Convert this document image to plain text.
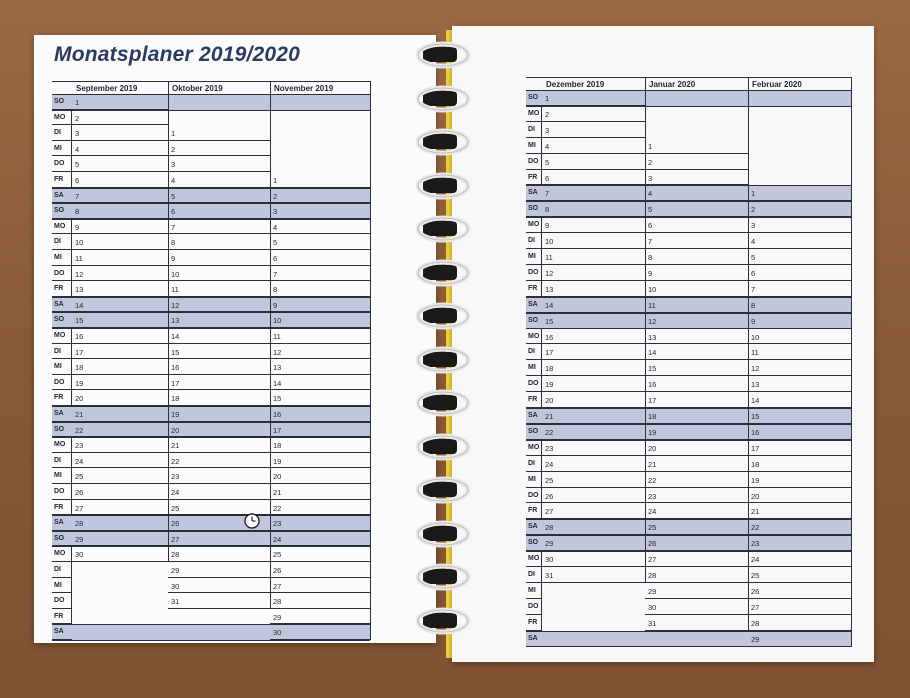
Monatsplaner 2019/2020
SO
MO
DI
MI
DO
FR
SA
SO
MO
DI
MI
DO
FR
SA
SO
MO
DI
MI
DO
FR
SA
SO
MO
DI
MI
DO
FR
SA
SO
MO
DI
MI
DO
FR
SA
September 2019
1
2
3
4
5
6
7
8
9
10
11
12
13
14
15
16
17
18
19
20
21
22
23
24
25
26
27
28
29
30
Oktober 2019
1
2
3
4
5
6
7
8
9
10
11
12
13
14
15
16
17
18
19
20
21
22
23
24
25
26
27
28
29
30
31
November 2019
1
2
3
4
5
6
7
8
9
10
11
12
13
14
15
16
17
18
19
20
21
22
23
24
25
26
27
28
29
30
SO
MO
DI
MI
DO
FR
SA
SO
MO
DI
MI
DO
FR
SA
SO
MO
DI
MI
DO
FR
SA
SO
MO
DI
MI
DO
FR
SA
SO
MO
DI
MI
DO
FR
SA
Dezember 2019
1
2
3
4
5
6
7
8
9
10
11
12
13
14
15
16
17
18
19
20
21
22
23
24
25
26
27
28
29
30
31
Januar 2020
1
2
3
4
5
6
7
8
9
10
11
12
13
14
15
16
17
18
19
20
21
22
23
24
25
26
27
28
29
30
31
Februar 2020
1
2
3
4
5
6
7
8
9
10
11
12
13
14
15
16
17
18
19
20
21
22
23
24
25
26
27
28
29
